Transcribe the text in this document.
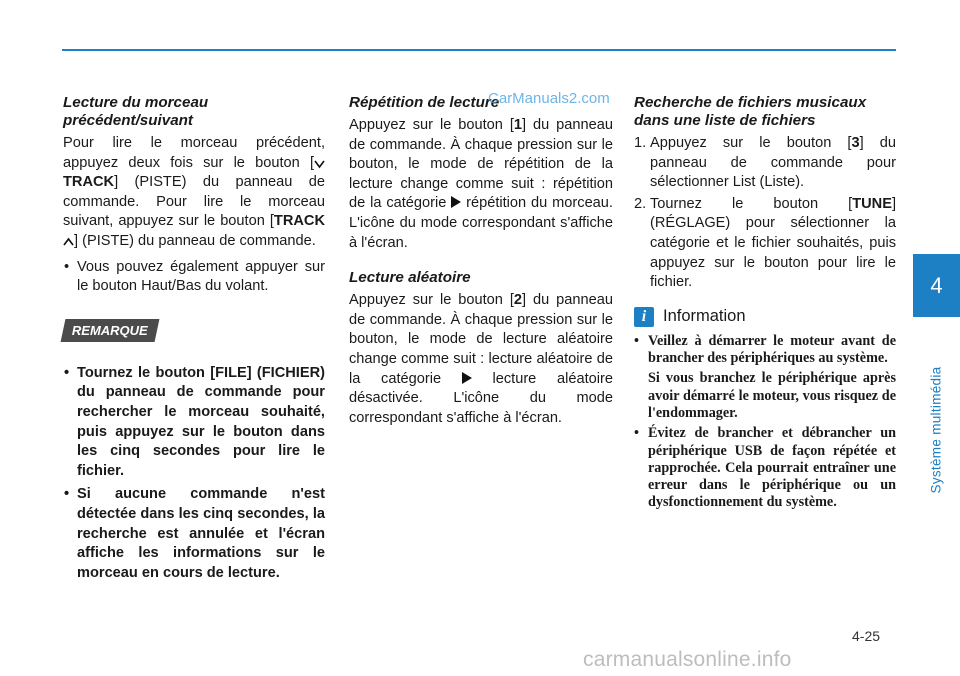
Lecture du morceau précédent/suivant
Pour lire le morceau précédent, appuyez deux fois sur le bouton [ TRACK] (PISTE) du panneau de commande. Pour lire le morceau suivant, appuyez sur le bouton [TRACK ] (PISTE) du panneau de commande.
• Vous pouvez également appuyer sur le bouton Haut/Bas du volant.
REMARQUE
• Tournez le bouton [FILE] (FICHIER) du panneau de commande pour rechercher le morceau souhaité, puis appuyez sur le bouton dans les cinq secondes pour lire le fichier.
• Si aucune commande n'est détectée dans les cinq secondes, la recherche est annulée et l'écran affiche les informations sur le morceau en cours de lecture.
Répétition de lecture
Appuyez sur le bouton [1] du panneau de commande. À chaque pression sur le bouton, le mode de répétition de la lecture change comme suit : répétition de la catégorie répétition du morceau. L'icône du mode correspondant s'affiche à l'écran.
Lecture aléatoire
Appuyez sur le bouton [2] du panneau de commande. À chaque pression sur le bouton, le mode de lecture aléatoire change comme suit : lecture aléatoire de la catégorie	lecture aléatoire désactivée. L'icône du mode correspondant s'affiche à l'écran.
Recherche de fichiers musicaux dans une liste de fichiers
1. Appuyez sur le bouton [3] du panneau de commande pour sélectionner List (Liste).
2. Tournez le bouton [TUNE] (RÉGLAGE) pour sélectionner la catégorie et le fichier souhaités, puis appuyez sur le bouton pour lire le fichier.
i	Information
• Veillez à démarrer le moteur avant de brancher des périphériques au système.
Si vous branchez le périphérique après avoir démarré le moteur, vous risquez de l'endommager.
• Évitez de brancher et débrancher un périphérique USB de façon répétée et rapprochée. Cela pourrait entraîner une erreur dans le périphérique ou un dysfonctionnement du système.
CarManuals2.com
4
Système multimédia
4-25
carmanualsonline.info
